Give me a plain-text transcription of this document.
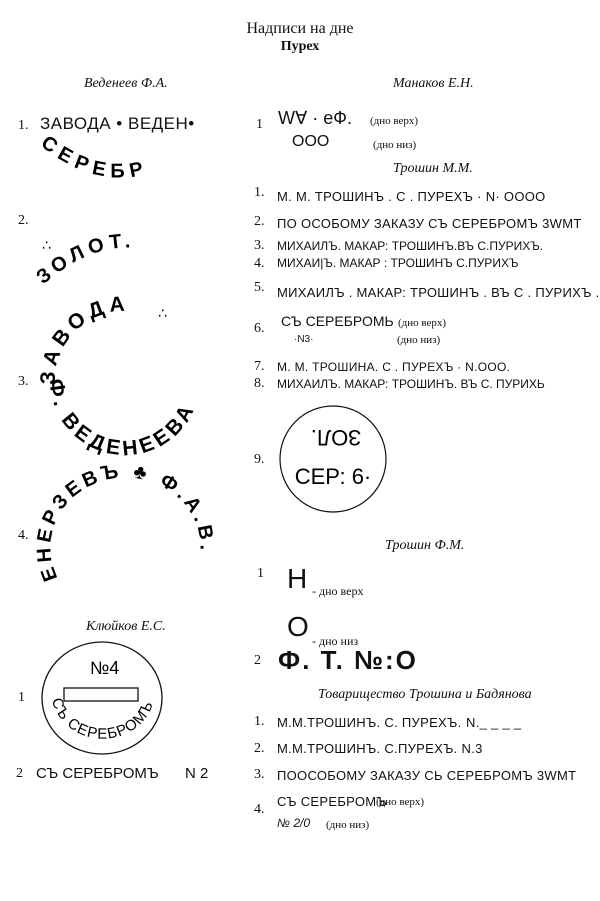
Надписи на дне
Пурех
Веденеев Ф.А.
1. ЗАВОДА • ВЕДЕН•
СЕРЕБР
2.
ЗОЛОТ.
∴
3. ЗАВОДА
Ф. ВЕДЕНЕЕВА
∴
4.
ЕНЕРЗЕВЪ ♣ Ф.А.В.
Клюйков Е.С.
1
№4
СЪ СЕРЕБРОМЪ
2 СЪ СЕРЕБРОМЪ N 2
Манаков Е.Н.
1 W∀ · еФ. (дно верх)
OOO	(дно низ)
Трошин М.М.
1. М. М. ТРОШИНЪ . С . ПУРЕХЪ · N· OOOO
2. ПО ОСОБОМУ ЗАКАЗУ СЪ СЕРЕБРОМЪ 3WMT
3. МИХАИЛЪ. МАКАР: ТРОШИНЪ.ВЪ С.ПУРИХЪ.
4. МИХАИ|Ъ. МАКАР : ТРОШИНЪ С.ПУРИХЪ
5. МИХАИЛЪ . МАКАР: ТРОШИНЪ . ВЪ С . ПУРИХЪ .
6. СЪ СЕРЕБРОМЬ (дно верх)
·N3·	(дно низ)
7. М. М. ТРОШИНА. С . ПУРЕХЪ · N.OOO.
8. МИХАИЛЪ. МАКАР: ТРОШИНЪ. ВЪ С. ПУРИХЬ
9.
ЗОЛ.
СЕР: 6·
Трошин Ф.М.
1 Н - дно верх
О - дно низ
2 Ф. Т. №:О
Товарищество Трошина и Бадянова
1. М.М.ТРОШИНЪ. С. ПУРЕХЪ. N._ _ _ _
2. М.М.ТРОШИНЪ. С.ПУРЕХЪ. N.3
3. ПООСОБОМУ ЗАКАЗУ СЬ СЕРЕБРОМЪ 3WMT
4.
СЪ СЕРЕБРОМЪ
(дно верх)
№ 2/0 (дно низ)
